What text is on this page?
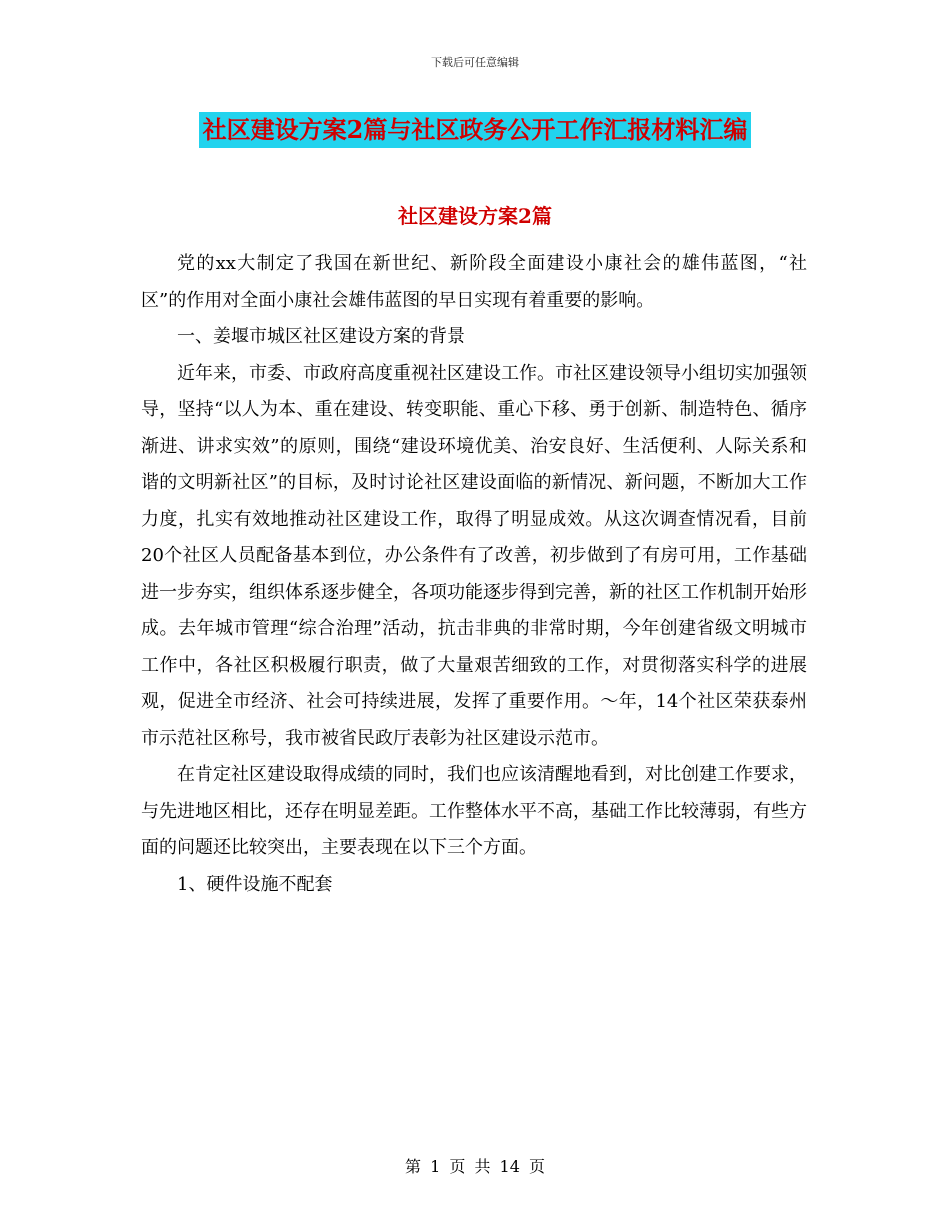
下载后可任意编辑
社区建设方案2篇与社区政务公开工作汇报材料汇编
社区建设方案2篇

党的xx大制定了我国在新世纪、新阶段全面建设小康社会的雄伟蓝图，“社区”的作用对全面小康社会雄伟蓝图的早日实现有着重要的影响。

一、姜堰市城区社区建设方案的背景

近年来，市委、市政府高度重视社区建设工作。市社区建设领导小组切实加强领导，坚持“以人为本、重在建设、转变职能、重心下移、勇于创新、制造特色、循序渐进、讲求实效”的原则，围绕“建设环境优美、治安良好、生活便利、人际关系和谐的文明新社区”的目标，及时讨论社区建设面临的新情况、新问题，不断加大工作力度，扎实有效地推动社区建设工作，取得了明显成效。从这次调查情况看，目前20个社区人员配备基本到位，办公条件有了改善，初步做到了有房可用，工作基础进一步夯实，组织体系逐步健全，各项功能逐步得到完善，新的社区工作机制开始形成。去年城市管理“综合治理”活动，抗击非典的非常时期，今年创建省级文明城市工作中，各社区积极履行职责，做了大量艰苦细致的工作，对贯彻落实科学的进展观，促进全市经济、社会可持续进展，发挥了重要作用。～年，14个社区荣获泰州市示范社区称号，我市被省民政厅表彰为社区建设示范市。

在肯定社区建设取得成绩的同时，我们也应该清醒地看到，对比创建工作要求，与先进地区相比，还存在明显差距。工作整体水平不高，基础工作比较薄弱，有些方面的问题还比较突出，主要表现在以下三个方面。

1、硬件设施不配套

第 1 页 共 14 页
